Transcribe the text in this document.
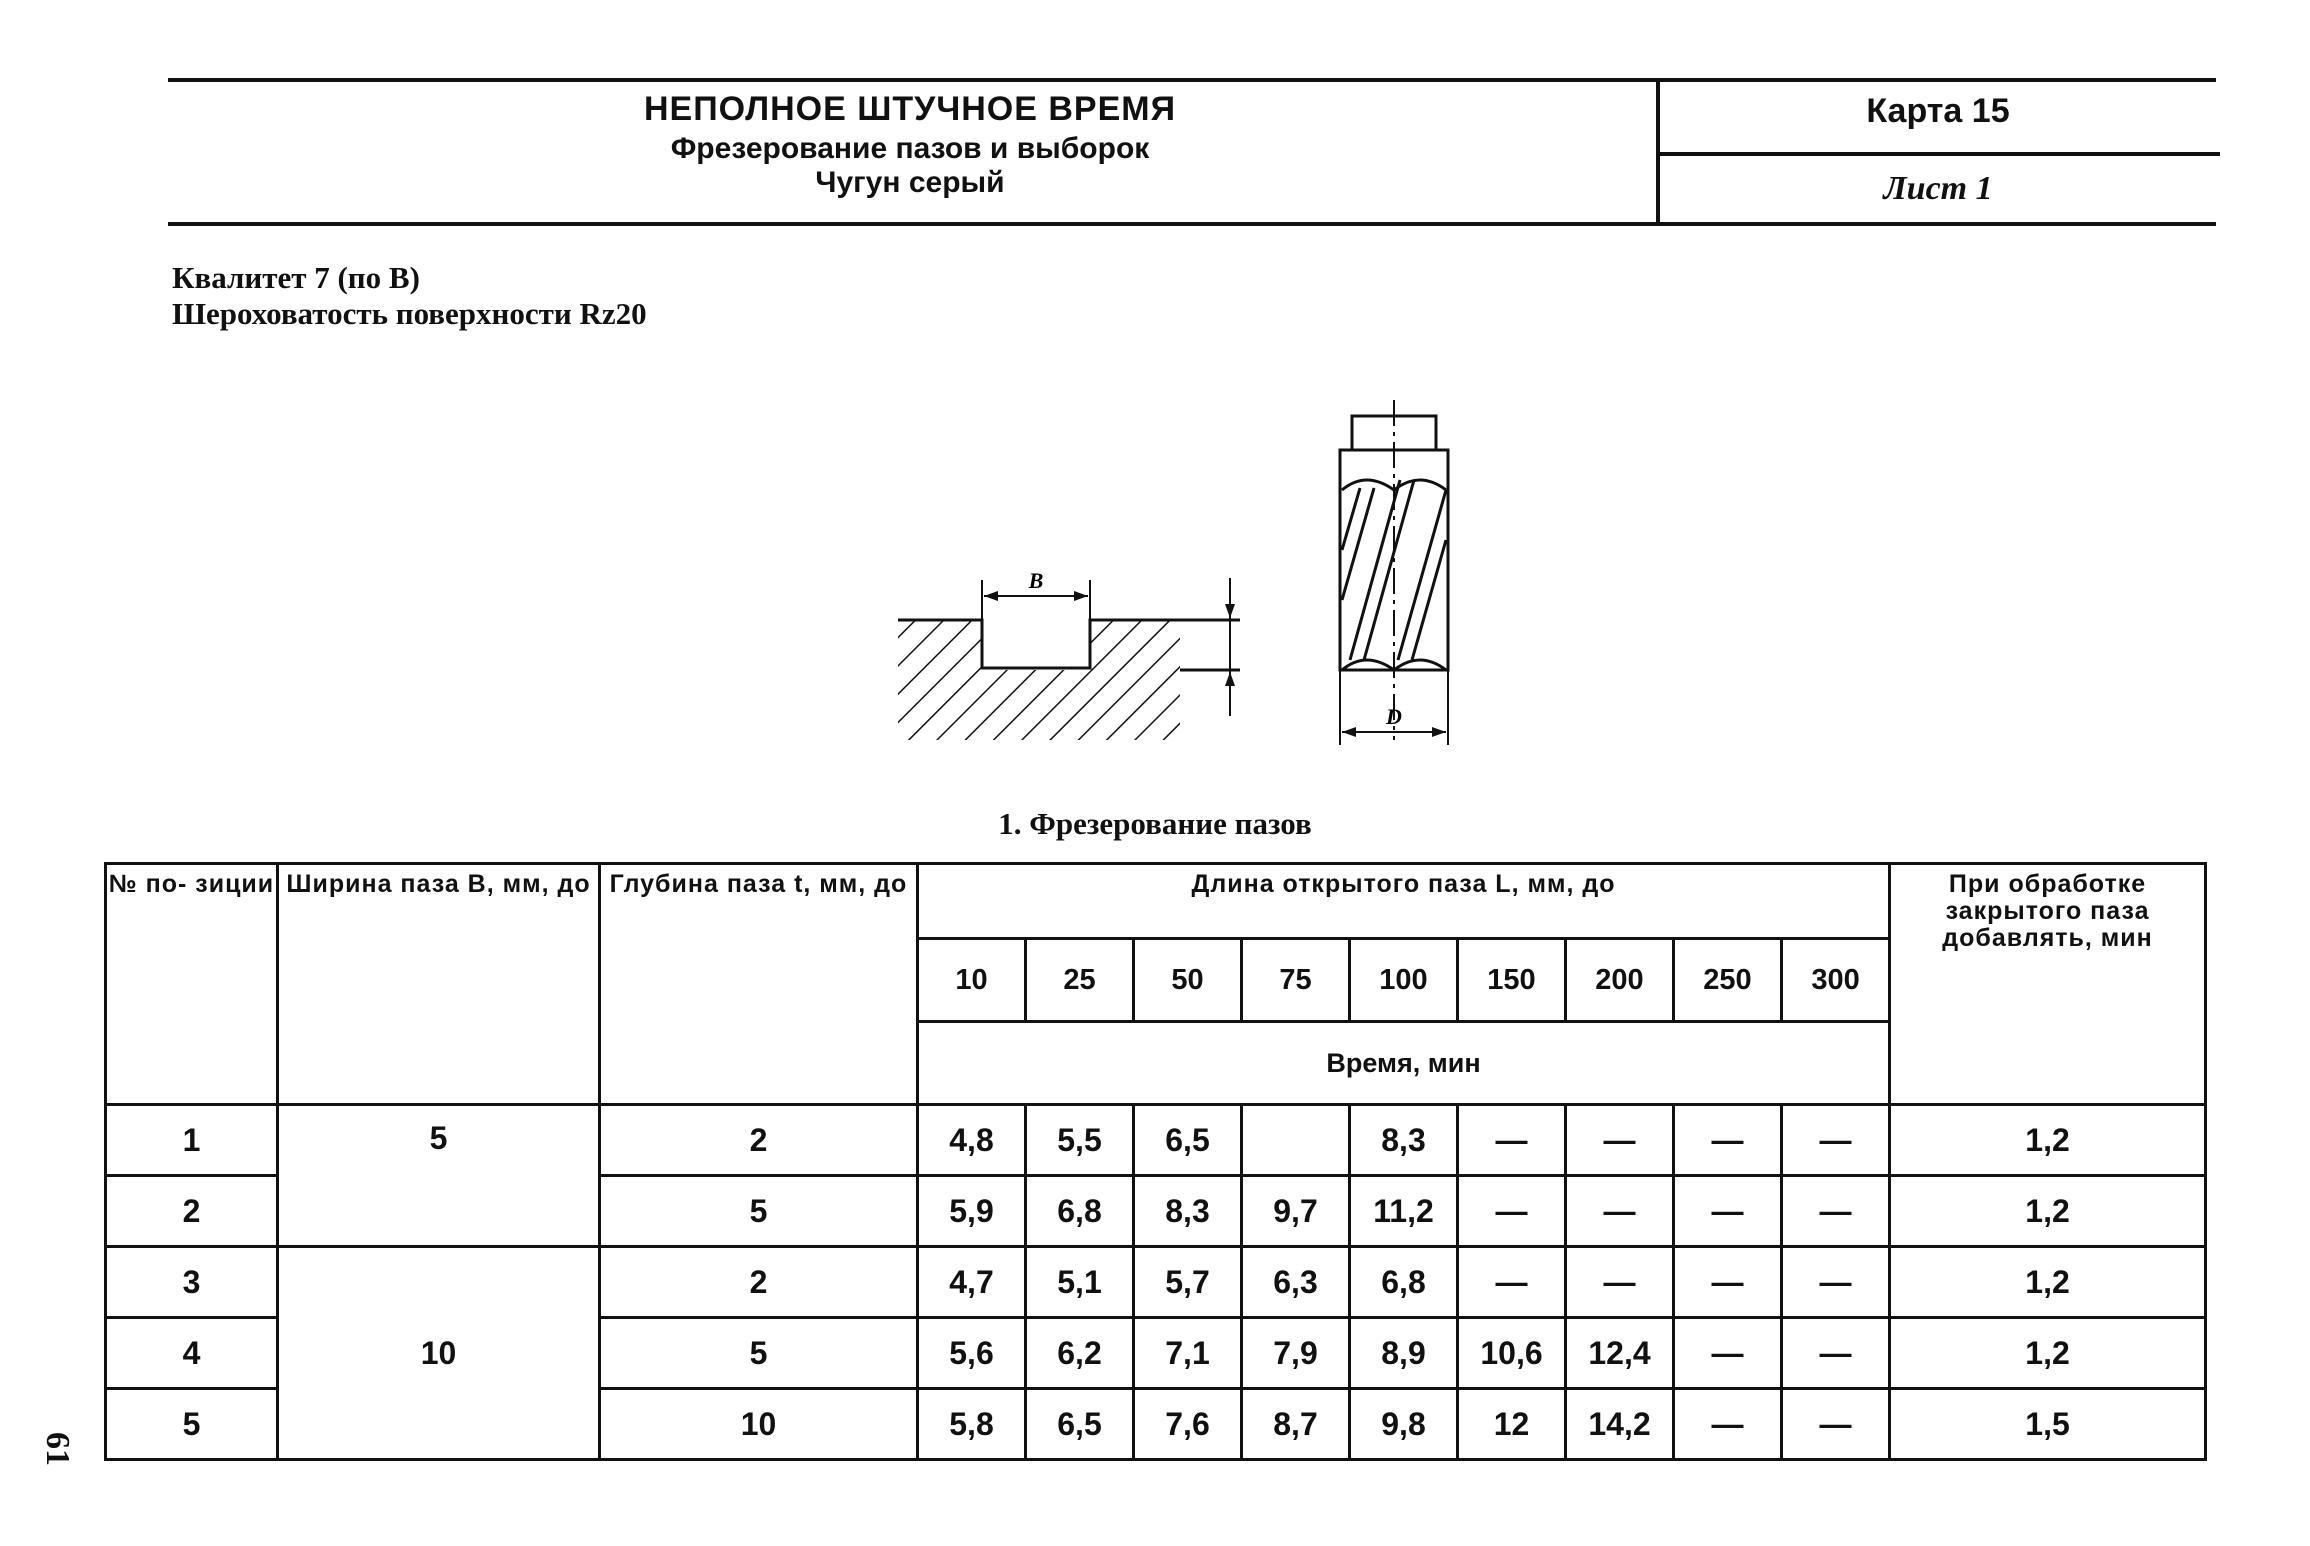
НЕПОЛНОЕ ШТУЧНОЕ ВРЕМЯ
Фрезерование пазов и выборок
Чугун серый
Карта 15
Лист 1
Квалитет 7 (по В)
Шероховатость поверхности Rz20
B
D
1. Фрезерование пазов
№ по- зиции	Ширина паза В, мм, до	Глубина паза t, мм, до	Длина открытого паза L, мм, до									При обработке закрытого паза добавлять, мин
			10	25	50	75	100	150	200	250	300	
			Время, мин									
1	5	2	4,8	5,5	6,5		8,3	—	—	—	—	1,2
2		5	5,9	6,8	8,3	9,7	11,2	—	—	—	—	1,2
3	10	2	4,7	5,1	5,7	6,3	6,8	—	—	—	—	1,2
4		5	5,6	6,2	7,1	7,9	8,9	10,6	12,4	—	—	1,2
5		10	5,8	6,5	7,6	8,7	9,8	12	14,2	—	—	1,5
61
